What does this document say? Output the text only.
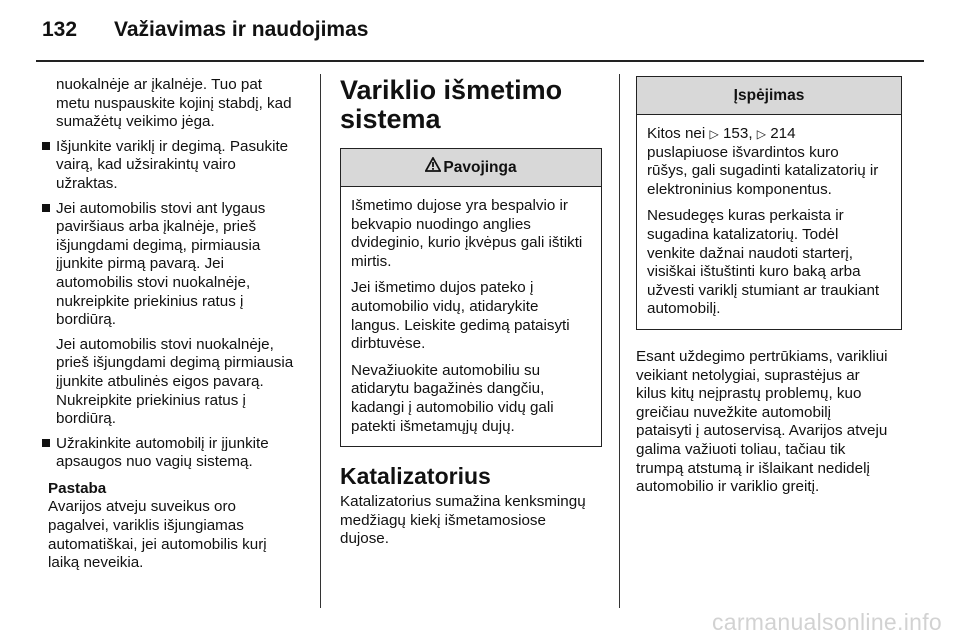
132 Važiavimas ir naudojimas
nuokalnėje ar įkalnėje. Tuo pat
metu nuspauskite kojinį stabdį, kad
sumažėtų veikimo jėga.
Išjunkite variklį ir degimą. Pasukite
vairą, kad užsirakintų vairo
užraktas.
Jei automobilis stovi ant lygaus
paviršiaus arba įkalnėje, prieš
išjungdami degimą, pirmiausia
įjunkite pirmą pavarą. Jei
automobilis stovi nuokalnėje,
nukreipkite priekinius ratus į
bordiūrą.
Jei automobilis stovi nuokalnėje,
prieš išjungdami degimą pirmiausia
įjunkite atbulinės eigos pavarą.
Nukreipkite priekinius ratus į
bordiūrą.
Užrakinkite automobilį ir įjunkite
apsaugos nuo vagių sistemą.
Pastaba
Avarijos atveju suveikus oro
pagalvei, variklis išjungiamas
automatiškai, jei automobilis kurį
laiką neveikia.
Variklio išmetimo
sistema
Pavojinga

Išmetimo dujose yra bespalvio ir
bekvapio nuodingo anglies
dvideginio, kurio įkvėpus gali ištikti
mirtis.

Jei išmetimo dujos pateko į
automobilio vidų, atidarykite
langus. Leiskite gedimą pataisyti
dirbtuvėse.

Nevažiuokite automobiliu su
atidarytu bagažinės dangčiu,
kadangi į automobilio vidų gali
patekti išmetamųjų dujų.

Katalizatorius
Katalizatorius sumažina kenksmingų
medžiagų kiekį išmetamosiose
dujose.
Įspėjimas

Kitos nei ▷ 153, ▷ 214
puslapiuose išvardintos kuro
rūšys, gali sugadinti katalizatorių ir
elektroninius komponentus.

Nesudegęs kuras perkaista ir
sugadina katalizatorių. Todėl
venkite dažnai naudoti starterį,
visiškai ištuštinti kuro baką arba
užvesti variklį stumiant ar traukiant
automobilį.

Esant uždegimo pertrūkiams, varikliui
veikiant netolygiai, suprastėjus ar
kilus kitų neįprastų problemų, kuo
greičiau nuvežkite automobilį
pataisyti į autoservisą. Avarijos atveju
galima važiuoti toliau, tačiau tik
trumpą atstumą ir išlaikant nedidelį
automobilio ir variklio greitį.
carmanualsonline.info
